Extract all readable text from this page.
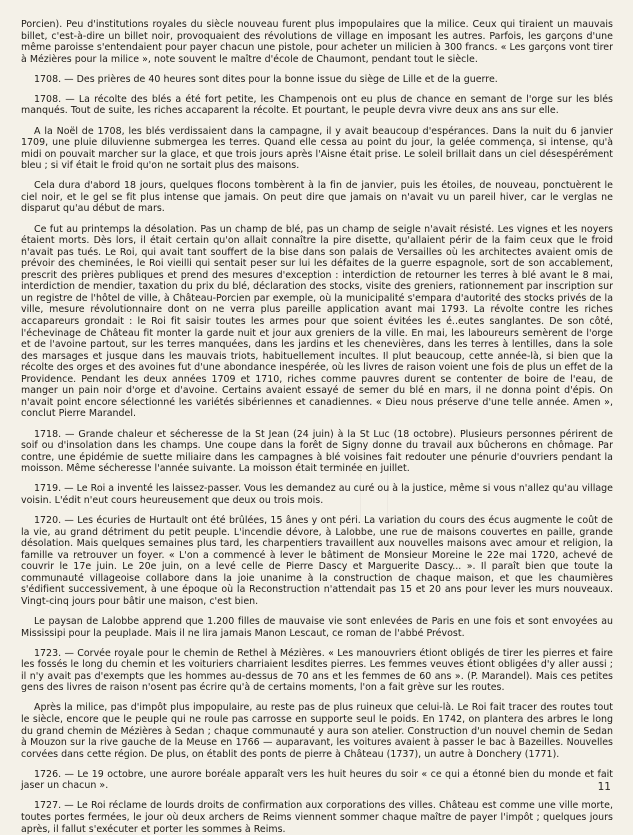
Porcien). Peu d'institutions royales du siècle nouveau furent plus impopulaires que la milice. Ceux qui tiraient un mauvais billet, c'est-à-dire un billet noir, provoquaient des révolutions de village en imposant les autres. Parfois, les garçons d'une même paroisse s'entendaient pour payer chacun une pistole, pour acheter un milicien à 300 francs. « Les garçons vont tirer à Mézières pour la milice », note souvent le maître d'école de Chaumont, pendant tout le siècle.

1708. — Des prières de 40 heures sont dites pour la bonne issue du siège de Lille et de la guerre.

1708. — La récolte des blés a été fort petite, les Champenois ont eu plus de chance en semant de l'orge sur les blés manqués. Tout de suite, les riches accaparent la récolte. Et pourtant, le peuple devra vivre deux ans ans sur elle.

A la Noël de 1708, les blés verdissaient dans la campagne, il y avait beaucoup d'espérances. Dans la nuit du 6 janvier 1709, une pluie diluvienne submergea les terres. Quand elle cessa au point du jour, la gelée commença, si intense, qu'à midi on pouvait marcher sur la glace, et que trois jours après l'Aisne était prise. Le soleil brillait dans un ciel désespérément bleu ; si vif était le froid qu'on ne sortait plus des maisons.

Cela dura d'abord 18 jours, quelques flocons tombèrent à la fin de janvier, puis les étoiles, de nouveau, ponctuèrent le ciel noir, et le gel se fit plus intense que jamais. On peut dire que jamais on n'avait vu un pareil hiver, car le verglas ne disparut qu'au début de mars.

Ce fut au printemps la désolation. Pas un champ de blé, pas un champ de seigle n'avait résisté. Les vignes et les noyers étaient morts. Dès lors, il était certain qu'on allait connaître la pire disette, qu'allaient périr de la faim ceux que le froid n'avait pas tués. Le Roi, qui avait tant souffert de la bise dans son palais de Versailles où les architectes avaient omis de prévoir des cheminées, le Roi vieilli qui sentait peser sur lui les défaites de la guerre espagnole, sort de son accablement, prescrit des prières publiques et prend des mesures d'exception : interdiction de retourner les terres à blé avant le 8 mai, interdiction de mendier, taxation du prix du blé, déclaration des stocks, visite des greniers, rationnement par inscription sur un registre de l'hôtel de ville, à Château-Porcien par exemple, où la municipalité s'empara d'autorité des stocks privés de la ville, mesure révolutionnaire dont on ne verra plus pareille application avant mai 1793. La révolte contre les riches accapareurs grondait : le Roi fit saisir toutes les armes pour que soient évitées les é..eutes sanglantes. De son côté, l'échevinage de Château fit monter la garde nuit et jour aux greniers de la ville. En mai, les laboureurs semèrent de l'orge et de l'avoine partout, sur les terres manquées, dans les jardins et les chenevières, dans les terres à lentilles, dans la sole des marsages et jusque dans les mauvais triots, habituellement incultes. Il plut beaucoup, cette année-là, si bien que la récolte des orges et des avoines fut d'une abondance inespérée, où les livres de raison voient une fois de plus un effet de la Providence. Pendant les deux années 1709 et 1710, riches comme pauvres durent se contenter de boire de l'eau, de manger un pain noir d'orge et d'avoine. Certains avaient essayé de semer du blé en mars, il ne donna point d'épis. On n'avait point encore sélectionné les variétés sibériennes et canadiennes. « Dieu nous préserve d'une telle année. Amen », conclut Pierre Marandel.

1718. — Grande chaleur et sécheresse de la St Jean (24 juin) à la St Luc (18 octobre). Plusieurs personnes périrent de soif ou d'insolation dans les champs. Une coupe dans la forêt de Signy donne du travail aux bûcherons en chômage. Par contre, une épidémie de suette miliaire dans les campagnes à blé voisines fait redouter une pénurie d'ouvriers pendant la moisson. Même sécheresse l'année suivante. La moisson était terminée en juillet.

1719. — Le Roi a inventé les laissez-passer. Vous les demandez au curé ou à la justice, même si vous n'allez qu'au village voisin. L'édit n'eut cours heureusement que deux ou trois mois.

1720. — Les écuries de Hurtault ont été brûlées, 15 ânes y ont péri. La variation du cours des écus augmente le coût de la vie, au grand détriment du petit peuple. L'incendie dévore, à Lalobbe, une rue de maisons couvertes en paille, grande désolation. Mais quelques semaines plus tard, les charpentiers travaillent aux nouvelles maisons avec amour et religion, la famille va retrouver un foyer. « L'on a commencé à lever le bâtiment de Monsieur Moreine le 22e mai 1720, achevé de couvrir le 17e juin. Le 20e juin, on a levé celle de Pierre Dascy et Marguerite Dascy... ». Il paraît bien que toute la communauté villageoise collabore dans la joie unanime à la construction de chaque maison, et que les chaumières s'édifient successivement, à une époque où la Reconstruction n'attendait pas 15 et 20 ans pour lever les murs nouveaux. Vingt-cinq jours pour bâtir une maison, c'est bien.

Le paysan de Lalobbe apprend que 1.200 filles de mauvaise vie sont enlevées de Paris en une fois et sont envoyées au Mississipi pour la peuplade. Mais il ne lira jamais Manon Lescaut, ce roman de l'abbé Prévost.

1723. — Corvée royale pour le chemin de Rethel à Mézières. « Les manouvriers étiont obligés de tirer les pierres et faire les fossés le long du chemin et les voituriers charriaient lesdites pierres. Les femmes veuves étiont obligées d'y aller aussi ; il n'y avait pas d'exempts que les hommes au-dessus de 70 ans et les femmes de 60 ans ». (P. Marandel). Mais ces petites gens des livres de raison n'osent pas écrire qu'à de certains moments, l'on a fait grève sur les routes.

Après la milice, pas d'impôt plus impopulaire, au reste pas de plus ruineux que celui-là. Le Roi fait tracer des routes tout le siècle, encore que le peuple qui ne roule pas carrosse en supporte seul le poids. En 1742, on plantera des arbres le long du grand chemin de Mézières à Sedan ; chaque communauté y aura son atelier. Construction d'un nouvel chemin de Sedan à Mouzon sur la rive gauche de la Meuse en 1766 — auparavant, les voitures avaient à passer le bac à Bazeilles. Nouvelles corvées dans cette région. De plus, on établit des ponts de pierre à Château (1737), un autre à Donchery (1771).

1726. — Le 19 octobre, une aurore boréale apparaît vers les huit heures du soir « ce qui a étonné bien du monde et fait jaser un chacun ».

1727. — Le Roi réclame de lourds droits de confirmation aux corporations des villes. Château est comme une ville morte, toutes portes fermées, le jour où deux archers de Reims viennent sommer chaque maître de payer l'impôt ; quelques jours après, il fallut s'exécuter et porter les sommes à Reims.

11
